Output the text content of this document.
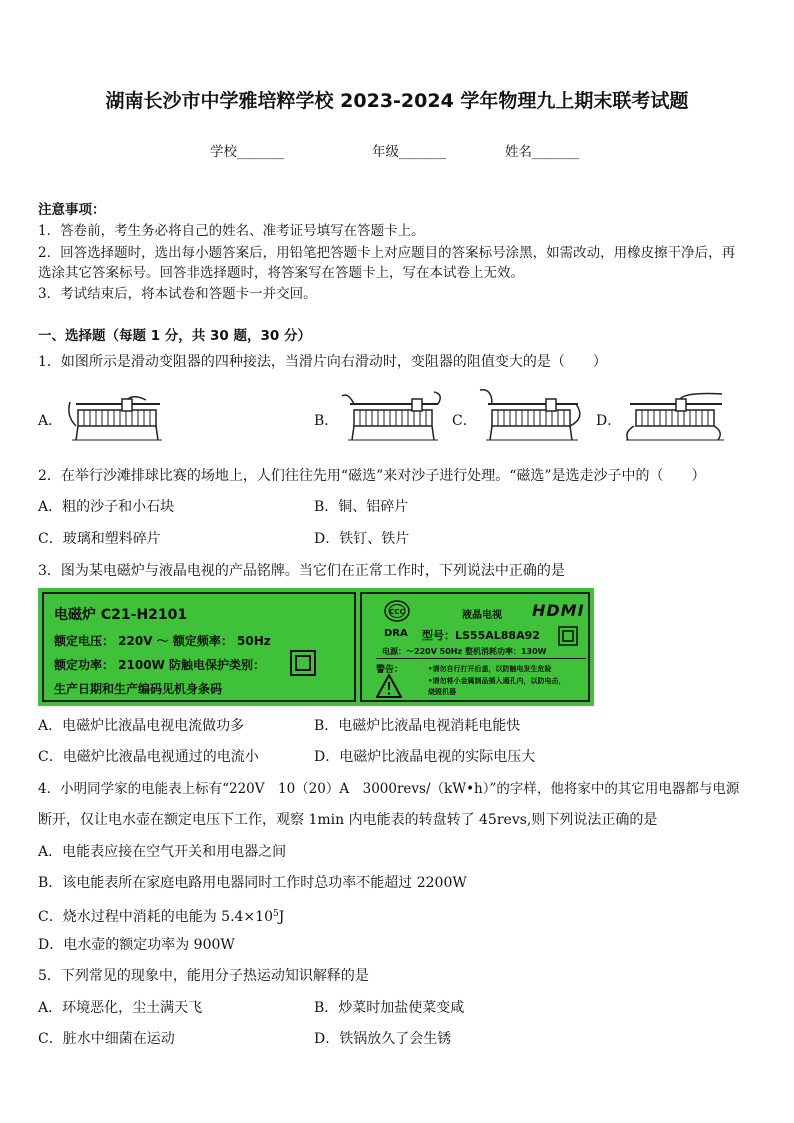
湖南长沙市中学雅培粹学校 2023-2024 学年物理九上期末联考试题
学校_______	年级_______	姓名_______
注意事项：
1．答卷前，考生务必将自己的姓名、准考证号填写在答题卡上。
2．回答选择题时，选出每小题答案后，用铅笔把答题卡上对应题目的答案标号涂黑，如需改动，用橡皮擦干净后，再
选涂其它答案标号。回答非选择题时，将答案写在答题卡上，写在本试卷上无效。
3．考试结束后，将本试卷和答题卡一并交回。
一、选择题（每题 1 分，共 30 题，30 分）
1．如图所示是滑动变阻器的四种接法，当滑片向右滑动时，变阻器的阻值变大的是（　　）
A．	B．	C．	D．
2．在举行沙滩排球比赛的场地上，人们往往先用“磁选”来对沙子进行处理。“磁选”是选走沙子中的（　　）
A．粗的沙子和小石块	B．铜、铝碎片
C．玻璃和塑料碎片	D．铁钉、铁片
3．图为某电磁炉与液晶电视的产品铭牌。当它们在正常工作时，下列说法中正确的是
电磁炉 C21-H2101
额定电压： 220V ～ 额定频率： 50Hz
额定功率： 2100W 防触电保护类别：
生产日期和生产编码见机身条码
CCC	液晶电视 HDMI
DRA 型号：LS55AL88A92
电源：～220V 50Hz 整机消耗功率：130W
警告：	•请勿自行打开后盖，以防触电发生危险
•请勿将小金属制品插入通孔内，以防电击，
烧毁机器
A．电磁炉比液晶电视电流做功多	B．电磁炉比液晶电视消耗电能快
C．电磁炉比液晶电视通过的电流小	D．电磁炉比液晶电视的实际电压大
4．小明同学家的电能表上标有“220V　10（20）A　3000revs/（kW•h）”的字样，他将家中的其它用电器都与电源
断开，仅让电水壶在额定电压下工作，观察 1min 内电能表的转盘转了 45revs,则下列说法正确的是
A．电能表应接在空气开关和用电器之间
B．该电能表所在家庭电路用电器同时工作时总功率不能超过 2200W
C．烧水过程中消耗的电能为 $5.4\times 10^5J$
D．电水壶的额定功率为 900W
5．下列常见的现象中，能用分子热运动知识解释的是
A．环境恶化，尘土满天飞	B．炒菜时加盐使菜变咸
C．脏水中细菌在运动	D．铁锅放久了会生锈
